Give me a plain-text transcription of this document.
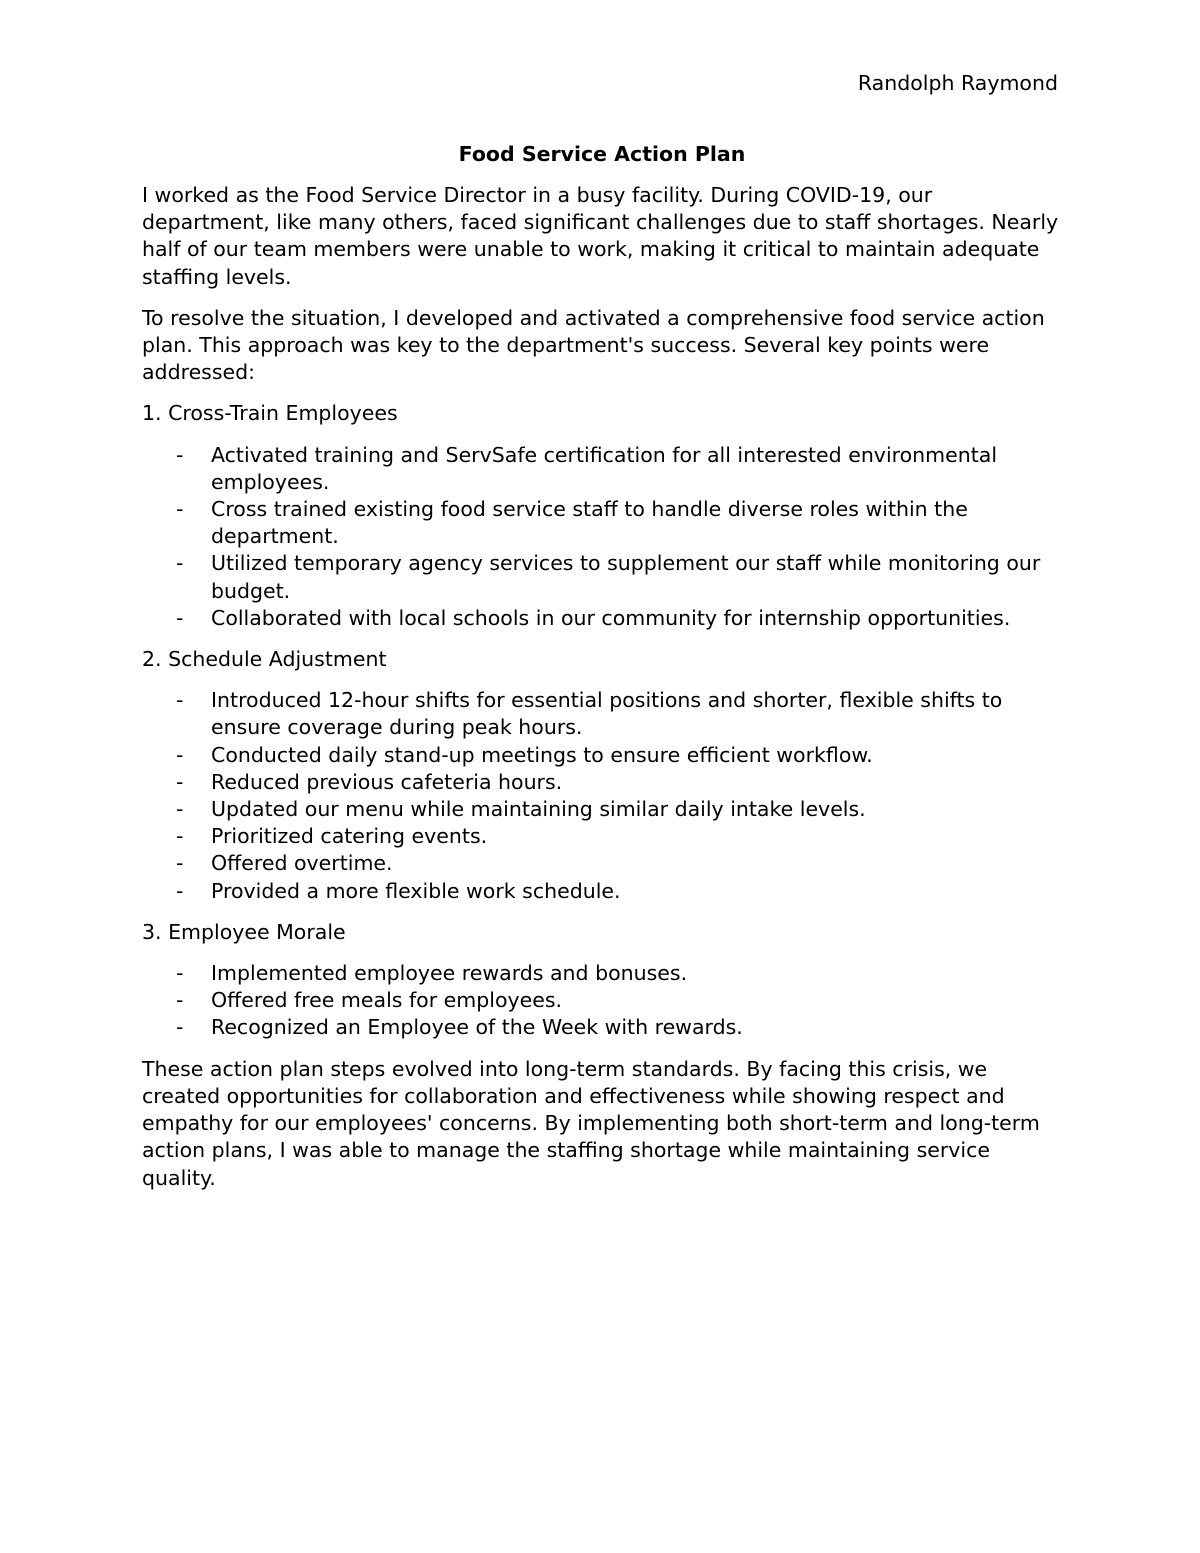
Randolph Raymond
Food Service Action Plan

I worked as the Food Service Director in a busy facility. During COVID-19, our department, like many others, faced significant challenges due to staff shortages. Nearly half of our team members were unable to work, making it critical to maintain adequate staffing levels.

To resolve the situation, I developed and activated a comprehensive food service action plan. This approach was key to the department's success. Several key points were addressed:

1. Cross-Train Employees
- Activated training and ServSafe certification for all interested environmental employees.
- Cross trained existing food service staff to handle diverse roles within the department.
- Utilized temporary agency services to supplement our staff while monitoring our budget.
- Collaborated with local schools in our community for internship opportunities.
2. Schedule Adjustment
- Introduced 12-hour shifts for essential positions and shorter, flexible shifts to ensure coverage during peak hours.
- Conducted daily stand-up meetings to ensure efficient workflow.
- Reduced previous cafeteria hours.
- Updated our menu while maintaining similar daily intake levels.
- Prioritized catering events.
- Offered overtime.
- Provided a more flexible work schedule.
3. Employee Morale
- Implemented employee rewards and bonuses.
- Offered free meals for employees.
- Recognized an Employee of the Week with rewards.

These action plan steps evolved into long-term standards. By facing this crisis, we created opportunities for collaboration and effectiveness while showing respect and empathy for our employees' concerns. By implementing both short-term and long-term action plans, I was able to manage the staffing shortage while maintaining service quality.
